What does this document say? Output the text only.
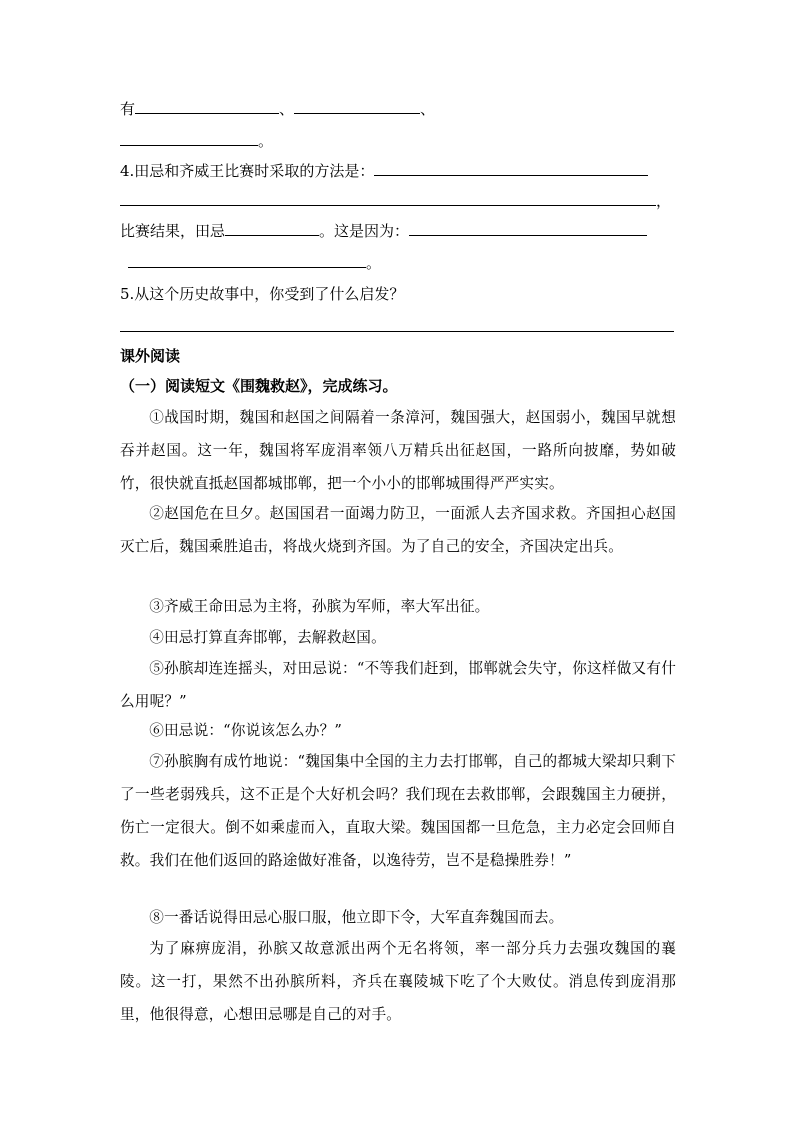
有	、	、
。
4.田忌和齐威王比赛时采取的方法是：
，
比赛结果，田忌	。这是因为：
。
5.从这个历史故事中，你受到了什么启发？
课外阅读
（一）阅读短文《围魏救赵》，完成练习。
①战国时期，魏国和赵国之间隔着一条漳河，魏国强大，赵国弱小，魏国早就想吞并赵国。这一年，魏国将军庞涓率领八万精兵出征赵国，一路所向披靡，势如破竹，很快就直抵赵国都城邯郸，把一个小小的邯郸城围得严严实实。
②赵国危在旦夕。赵国国君一面竭力防卫，一面派人去齐国求救。齐国担心赵国灭亡后，魏国乘胜追击，将战火烧到齐国。为了自己的安全，齐国决定出兵。
③齐威王命田忌为主将，孙膑为军师，率大军出征。
④田忌打算直奔邯郸，去解救赵国。
⑤孙膑却连连摇头，对田忌说：“不等我们赶到，邯郸就会失守，你这样做又有什么用呢？”
⑥田忌说：“你说该怎么办？”
⑦孙膑胸有成竹地说：“魏国集中全国的主力去打邯郸，自己的都城大梁却只剩下了一些老弱残兵，这不正是个大好机会吗？我们现在去救邯郸，会跟魏国主力硬拼，伤亡一定很大。倒不如乘虚而入，直取大梁。魏国国都一旦危急，主力必定会回师自救。我们在他们返回的路途做好准备，以逸待劳，岂不是稳操胜券！”
⑧一番话说得田忌心服口服，他立即下令，大军直奔魏国而去。
为了麻痹庞涓，孙膑又故意派出两个无名将领，率一部分兵力去强攻魏国的襄陵。这一打，果然不出孙膑所料，齐兵在襄陵城下吃了个大败仗。消息传到庞涓那里，他很得意，心想田忌哪是自己的对手。
